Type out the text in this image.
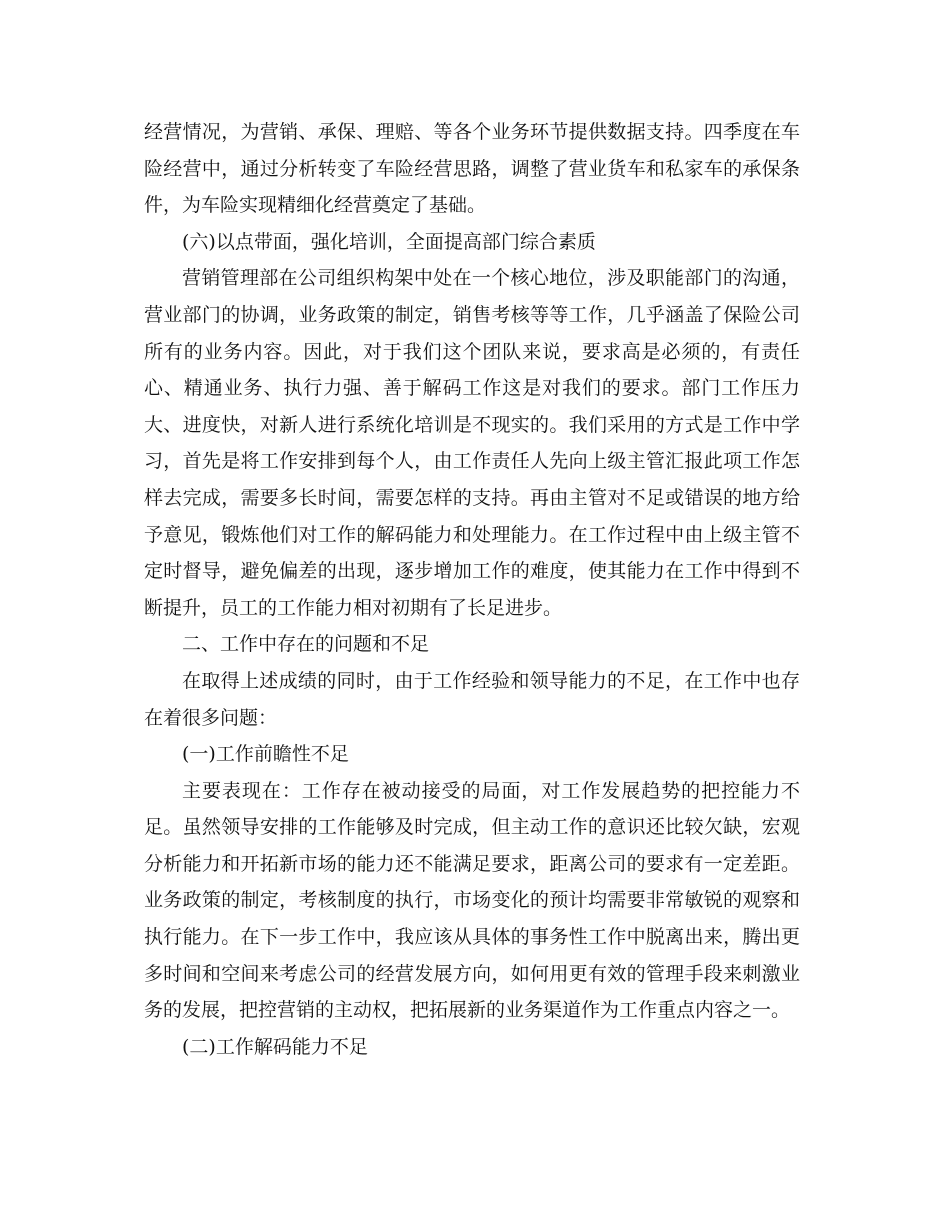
经营情况，为营销、承保、理赔、等各个业务环节提供数据支持。四季度在车险经营中，通过分析转变了车险经营思路，调整了营业货车和私家车的承保条件，为车险实现精细化经营奠定了基础。

(六)以点带面，强化培训，全面提高部门综合素质

营销管理部在公司组织构架中处在一个核心地位，涉及职能部门的沟通，营业部门的协调，业务政策的制定，销售考核等等工作，几乎涵盖了保险公司所有的业务内容。因此，对于我们这个团队来说，要求高是必须的，有责任心、精通业务、执行力强、善于解码工作这是对我们的要求。部门工作压力大、进度快，对新人进行系统化培训是不现实的。我们采用的方式是工作中学习，首先是将工作安排到每个人，由工作责任人先向上级主管汇报此项工作怎样去完成，需要多长时间，需要怎样的支持。再由主管对不足或错误的地方给予意见，锻炼他们对工作的解码能力和处理能力。在工作过程中由上级主管不定时督导，避免偏差的出现，逐步增加工作的难度，使其能力在工作中得到不断提升，员工的工作能力相对初期有了长足进步。

二、工作中存在的问题和不足

在取得上述成绩的同时，由于工作经验和领导能力的不足，在工作中也存在着很多问题：

(一)工作前瞻性不足

主要表现在：工作存在被动接受的局面，对工作发展趋势的把控能力不足。虽然领导安排的工作能够及时完成，但主动工作的意识还比较欠缺，宏观分析能力和开拓新市场的能力还不能满足要求，距离公司的要求有一定差距。业务政策的制定，考核制度的执行，市场变化的预计均需要非常敏锐的观察和执行能力。在下一步工作中，我应该从具体的事务性工作中脱离出来，腾出更多时间和空间来考虑公司的经营发展方向，如何用更有效的管理手段来刺激业务的发展，把控营销的主动权，把拓展新的业务渠道作为工作重点内容之一。

(二)工作解码能力不足
